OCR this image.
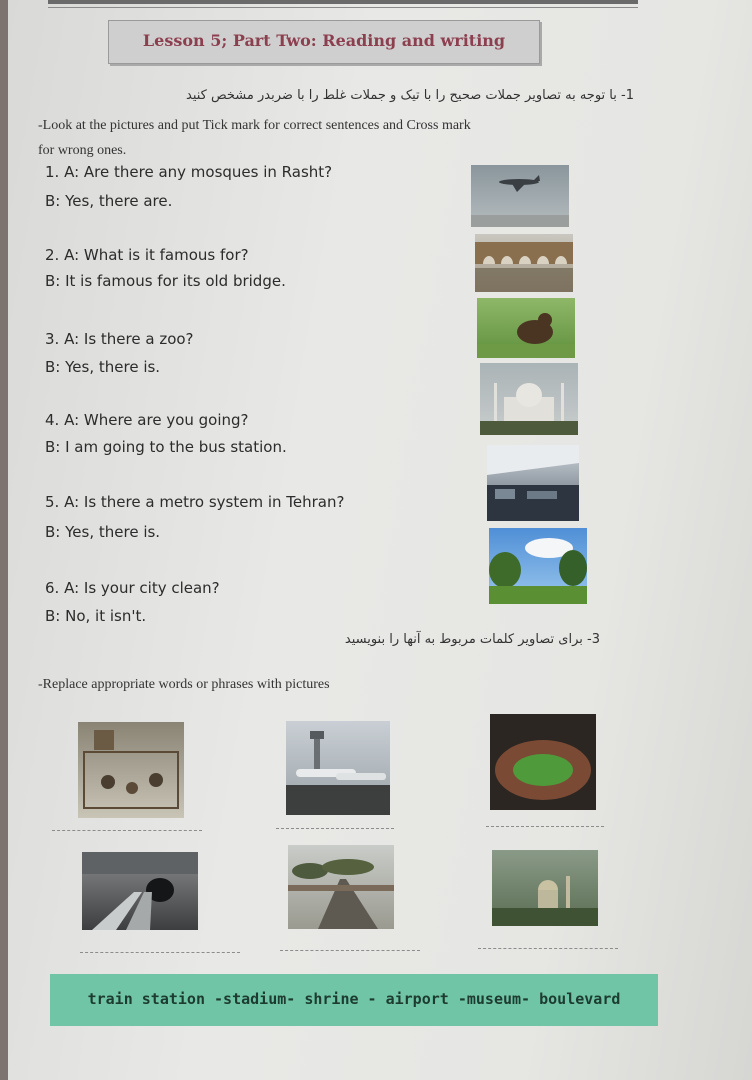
Lesson 5; Part Two: Reading and writing
1- با توجه به تصاویر جملات صحیح را با تیک و جملات غلط را با ضربدر مشخص کنید
-Look at the pictures and put Tick mark for correct sentences and Cross mark
for wrong ones.
1. A: Are there any mosques in Rasht?
B: Yes, there are.
2. A: What is it famous for?
B: It is famous for its old bridge.
3. A: Is there a zoo?
B: Yes, there is.
4. A: Where are you going?
B: I am going to the bus station.
5. A: Is there a metro system in Tehran?
B: Yes, there is.
6. A: Is your city clean?
B: No, it isn't.
3- برای تصاویر کلمات مربوط به آنها را بنویسید
-Replace appropriate words or phrases with pictures
train station -stadium- shrine - airport -museum- boulevard
